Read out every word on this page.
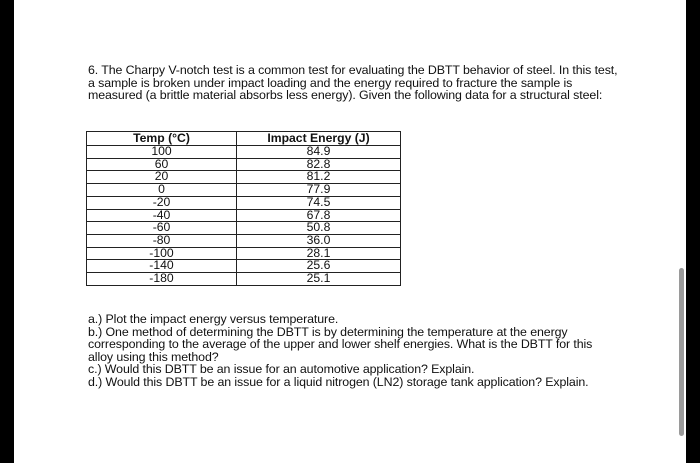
6. The Charpy V-notch test is a common test for evaluating the DBTT behavior of steel. In this test, a sample is broken under impact loading and the energy required to fracture the sample is measured (a brittle material absorbs less energy). Given the following data for a structural steel:

Temp (°C)	Impact Energy (J)
100	84.9
60	82.8
20	81.2
0	77.9
-20	74.5
-40	67.8
-60	50.8
-80	36.0
-100	28.1
-140	25.6
-180	25.1

a.) Plot the impact energy versus temperature.

b.) One method of determining the DBTT is by determining the temperature at the energy corresponding to the average of the upper and lower shelf energies. What is the DBTT for this alloy using this method?

c.) Would this DBTT be an issue for an automotive application? Explain.

d.) Would this DBTT be an issue for a liquid nitrogen (LN2) storage tank application? Explain.
